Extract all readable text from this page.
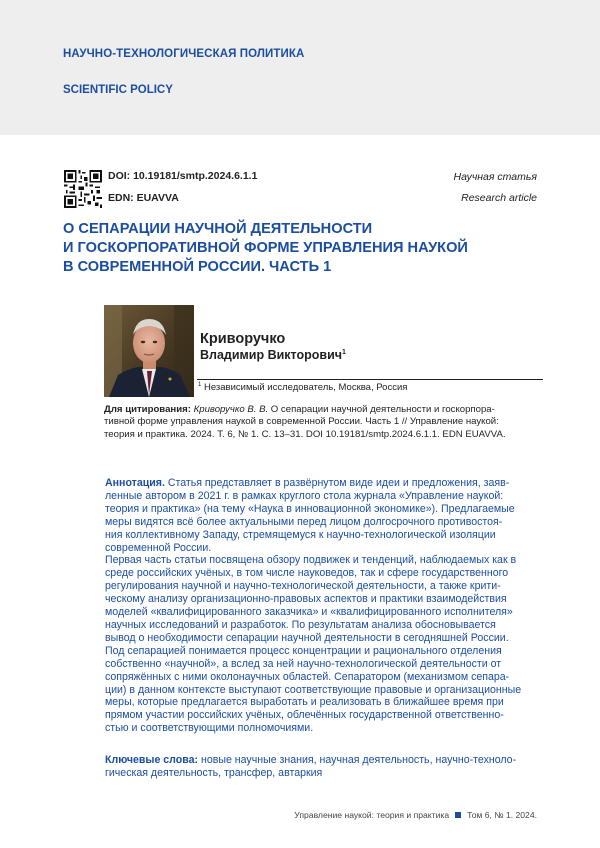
НАУЧНО-ТЕХНОЛОГИЧЕСКАЯ ПОЛИТИКА
SCIENTIFIC POLICY
DOI: 10.19181/smtp.2024.6.1.1
EDN: EUAVVA
Научная статья
Research article
О СЕПАРАЦИИ НАУЧНОЙ ДЕЯТЕЛЬНОСТИ
И ГОСКОРПОРАТИВНОЙ ФОРМЕ УПРАВЛЕНИЯ НАУКОЙ
В СОВРЕМЕННОЙ РОССИИ. ЧАСТЬ 1
Криворучко
Владимир Викторович$^1$
$^1$ Независимый исследователь, Москва, Россия
Для цитирования: Криворучко В. В. О сепарации научной деятельности и госкорпора-
тивной форме управления наукой в современной России. Часть 1 // Управление наукой:
теория и практика. 2024. Т. 6, № 1. С. 13–31. DOI 10.19181/smtp.2024.6.1.1. EDN EUAVVA.
Аннотация. Статья представляет в развёрнутом виде идеи и предложения, заяв-
ленные автором в 2021 г. в рамках круглого стола журнала «Управление наукой:
теория и практика» (на тему «Наука в инновационной экономике»). Предлагаемые
меры видятся всё более актуальными перед лицом долгосрочного противостоя-
ния коллективному Западу, стремящемуся к научно-технологической изоляции
современной России.
Первая часть статьи посвящена обзору подвижек и тенденций, наблюдаемых как в
среде российских учёных, в том числе науковедов, так и сфере государственного
регулирования научной и научно-технологической деятельности, а также крити-
ческому анализу организационно-правовых аспектов и практики взаимодействия
моделей «квалифицированного заказчика» и «квалифицированного исполнителя»
научных исследований и разработок. По результатам анализа обосновывается
вывод о необходимости сепарации научной деятельности в сегодняшней России.
Под сепарацией понимается процесс концентрации и рационального отделения
собственно «научной», а вслед за ней научно-технологической деятельности от
сопряжённых с ними околонаучных областей. Сепаратором (механизмом сепара-
ции) в данном контексте выступают соответствующие правовые и организационные
меры, которые предлагается выработать и реализовать в ближайшее время при
прямом участии российских учёных, облечённых государственной ответственно-
стью и соответствующими полномочиями.
Ключевые слова: новые научные знания, научная деятельность, научно-техноло-
гическая деятельность, трансфер, автаркия
Управление наукой: теория и практика Том 6, № 1. 2024.
